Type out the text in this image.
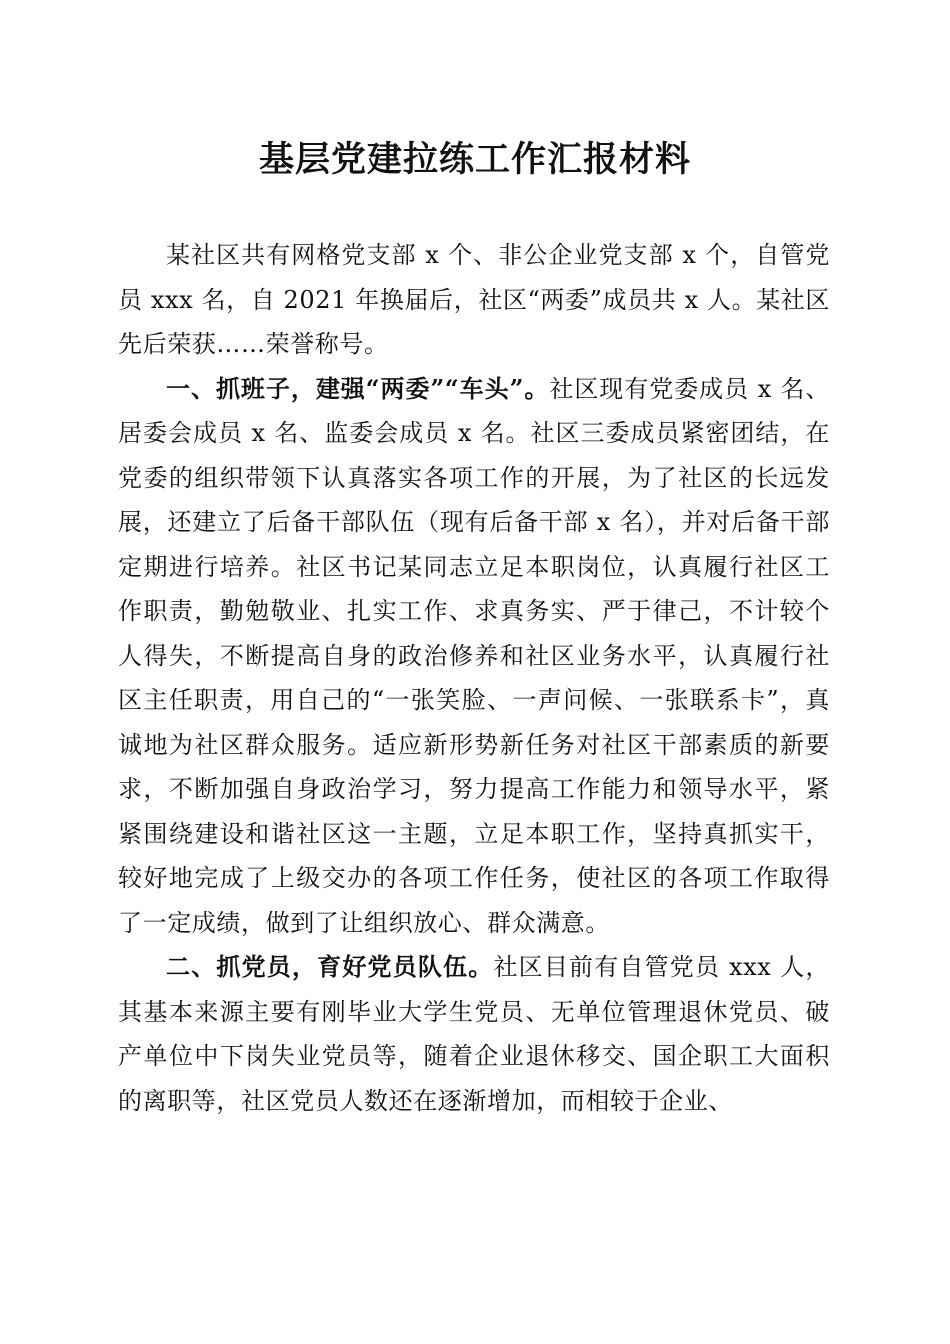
基层党建拉练工作汇报材料

某社区共有网格党支部 x 个、非公企业党支部 x 个，自管党员 xxx 名，自 2021 年换届后，社区“两委”成员共 x 人。某社区先后荣获……荣誉称号。

一、抓班子，建强“两委”“车头”。社区现有党委成员 x 名、居委会成员 x 名、监委会成员 x 名。社区三委成员紧密团结，在党委的组织带领下认真落实各项工作的开展，为了社区的长远发展，还建立了后备干部队伍（现有后备干部 x 名），并对后备干部定期进行培养。社区书记某同志立足本职岗位，认真履行社区工作职责，勤勉敬业、扎实工作、求真务实、严于律己，不计较个人得失，不断提高自身的政治修养和社区业务水平，认真履行社区主任职责，用自己的“一张笑脸、一声问候、一张联系卡”，真诚地为社区群众服务。适应新形势新任务对社区干部素质的新要求，不断加强自身政治学习，努力提高工作能力和领导水平，紧紧围绕建设和谐社区这一主题，立足本职工作，坚持真抓实干，较好地完成了上级交办的各项工作任务，使社区的各项工作取得了一定成绩，做到了让组织放心、群众满意。

二、抓党员，育好党员队伍。社区目前有自管党员 xxx 人，其基本来源主要有刚毕业大学生党员、无单位管理退休党员、破产单位中下岗失业党员等，随着企业退休移交、国企职工大面积的离职等，社区党员人数还在逐渐增加，而相较于企业、
